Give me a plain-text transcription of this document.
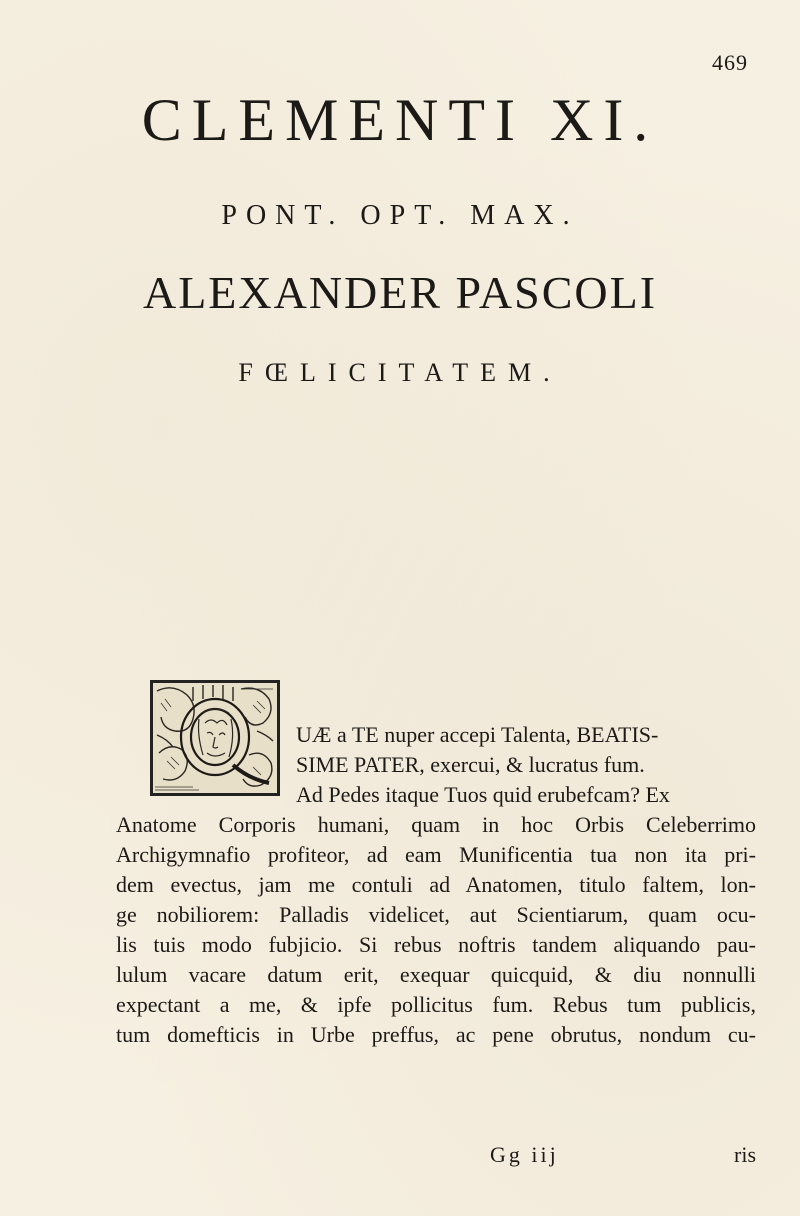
469
CLEMENTI XI.
PONT. OPT. MAX.
ALEXANDER PASCOLI
FŒLICITATEM.
UÆ a TE nuper accepi Talenta, BEATIS-
SIME PATER, exercui, & lucratus fum.
Ad Pedes itaque Tuos quid erubefcam? Ex
Anatome Corporis humani, quam in hoc Orbis Celeberrimo
Archigymnafio profiteor, ad eam Munificentia tua non ita pri-
dem evectus, jam me contuli ad Anatomen, titulo faltem, lon-
ge nobiliorem: Palladis videlicet, aut Scientiarum, quam ocu-
lis tuis modo fubjicio. Si rebus noftris tandem aliquando pau-
lulum vacare datum erit, exequar quicquid, & diu nonnulli
expectant a me, & ipfe pollicitus fum. Rebus tum publicis,
tum domefticis in Urbe preffus, ac pene obrutus, nondum cu-
Gg iij	ris
